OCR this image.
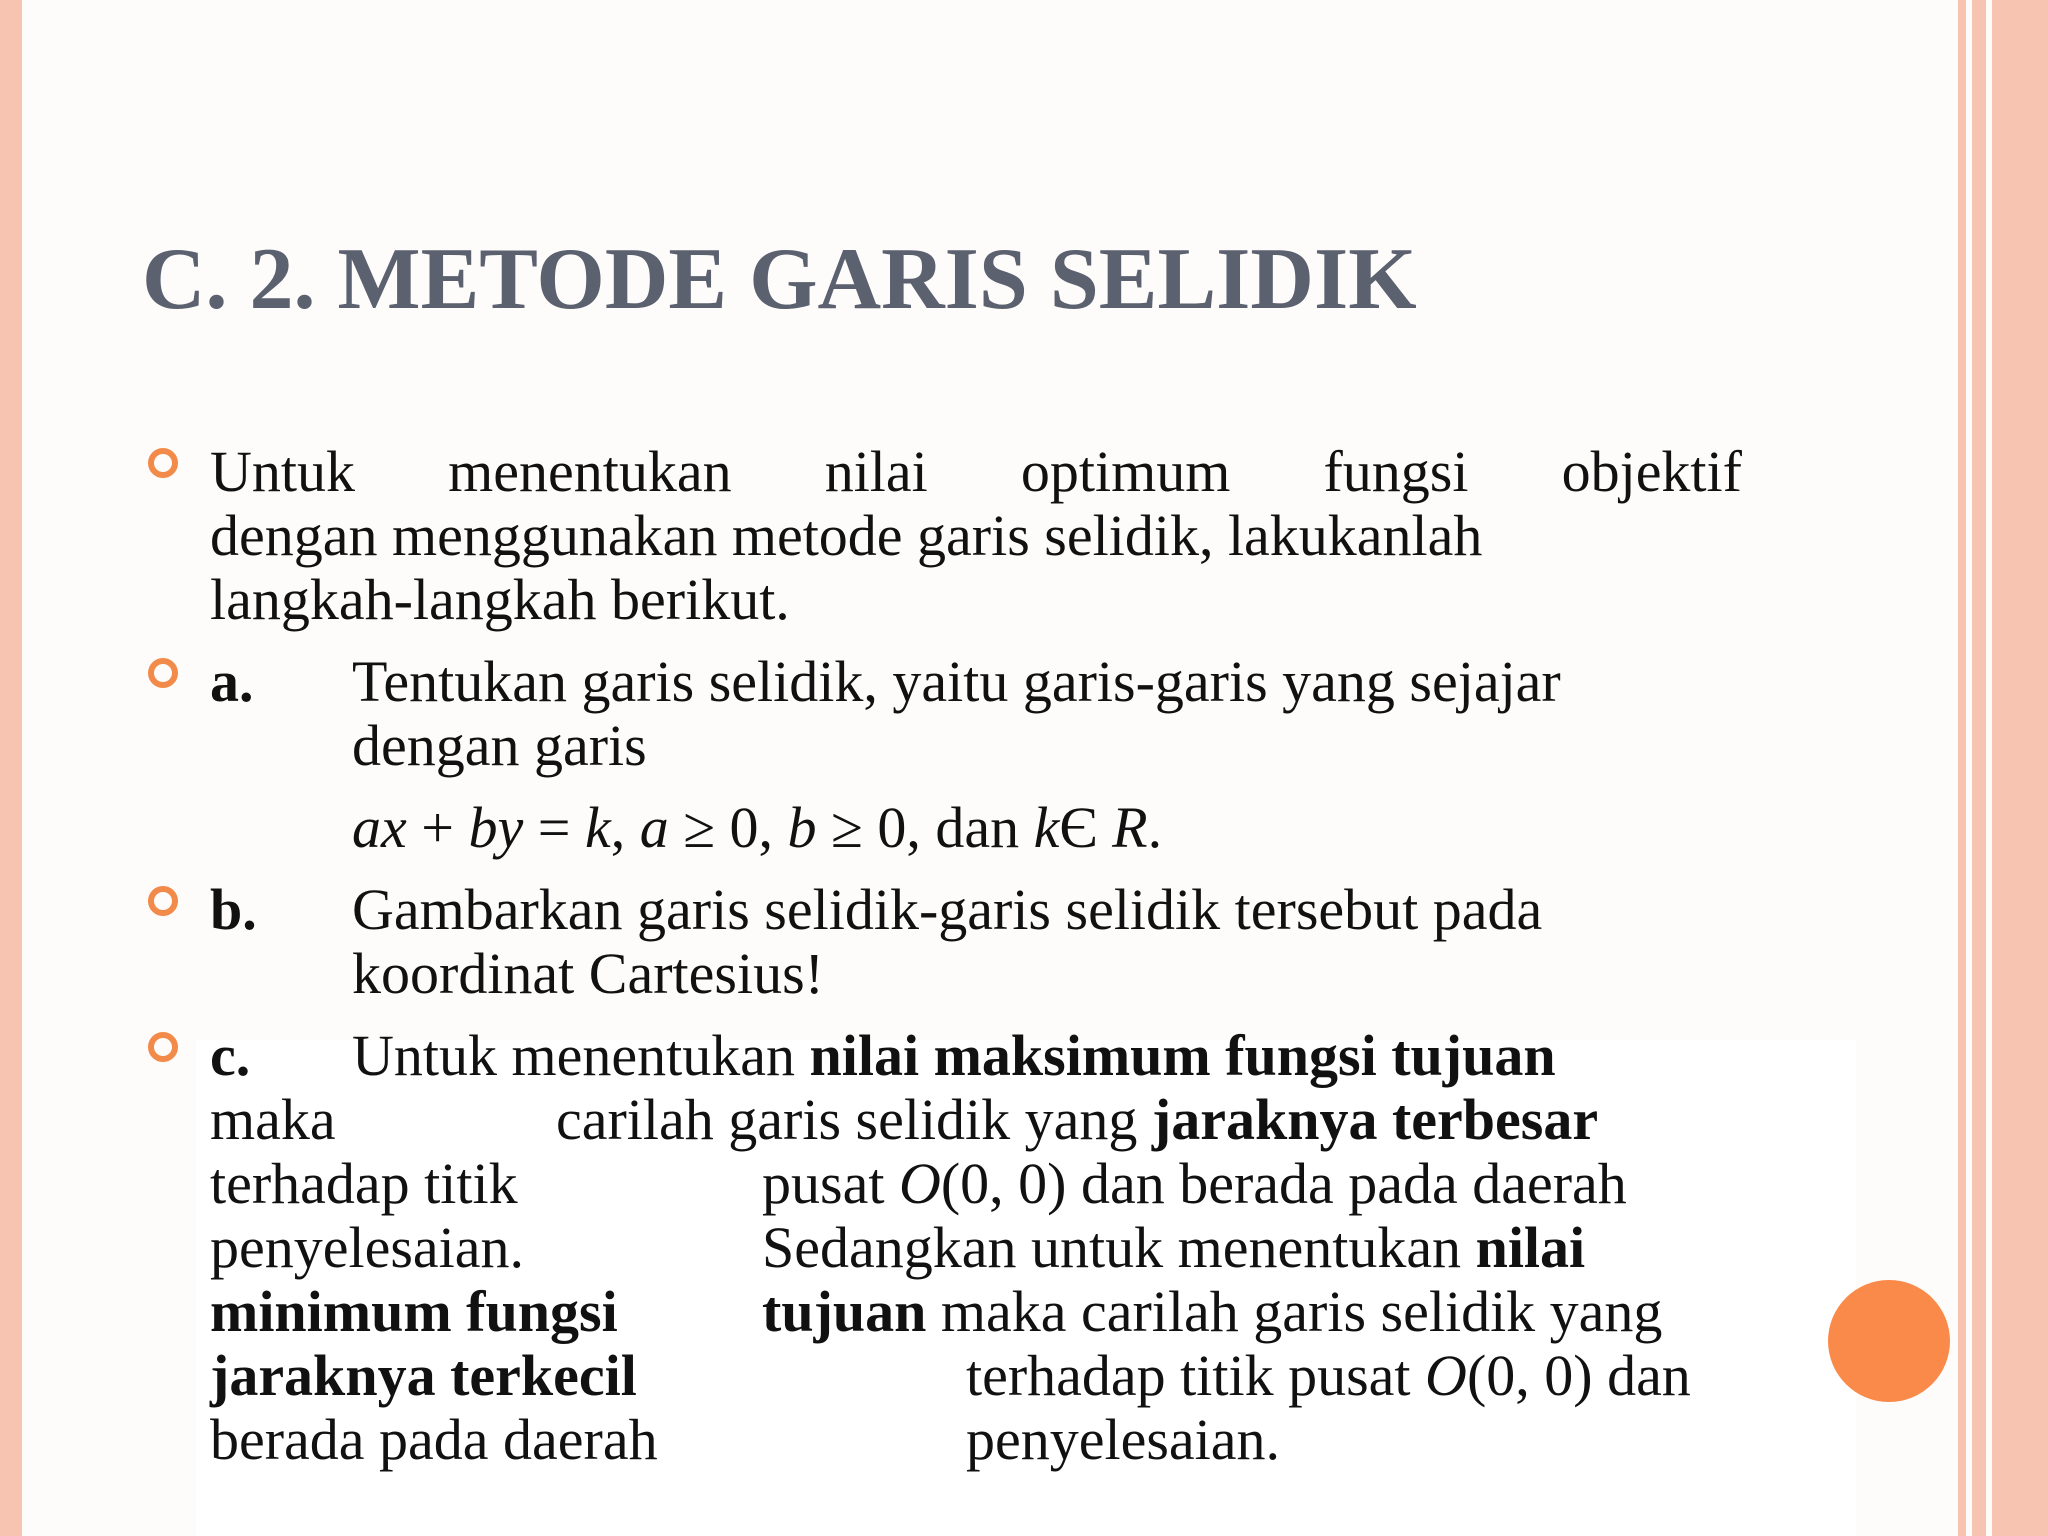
C. 2. METODE GARIS SELIDIK
Untuk menentukan nilai optimum fungsi objektif
dengan menggunakan metode garis selidik, lakukanlah
langkah-langkah berikut.
a. Tentukan garis selidik, yaitu garis-garis yang sejajar
dengan garis
ax + by = k, a ≥ 0, b ≥ 0, dan kЄ R.
b. Gambarkan garis selidik-garis selidik tersebut pada
koordinat Cartesius!
c. Untuk menentukan nilai maksimum fungsi tujuan
maka	carilah garis selidik yang jaraknya terbesar
terhadap titik	pusat O(0, 0) dan berada pada daerah
penyelesaian.	Sedangkan untuk menentukan nilai
minimum fungsi tujuan maka carilah garis selidik yang
jaraknya terkecil	terhadap titik pusat O(0, 0) dan
berada pada daerah	penyelesaian.
